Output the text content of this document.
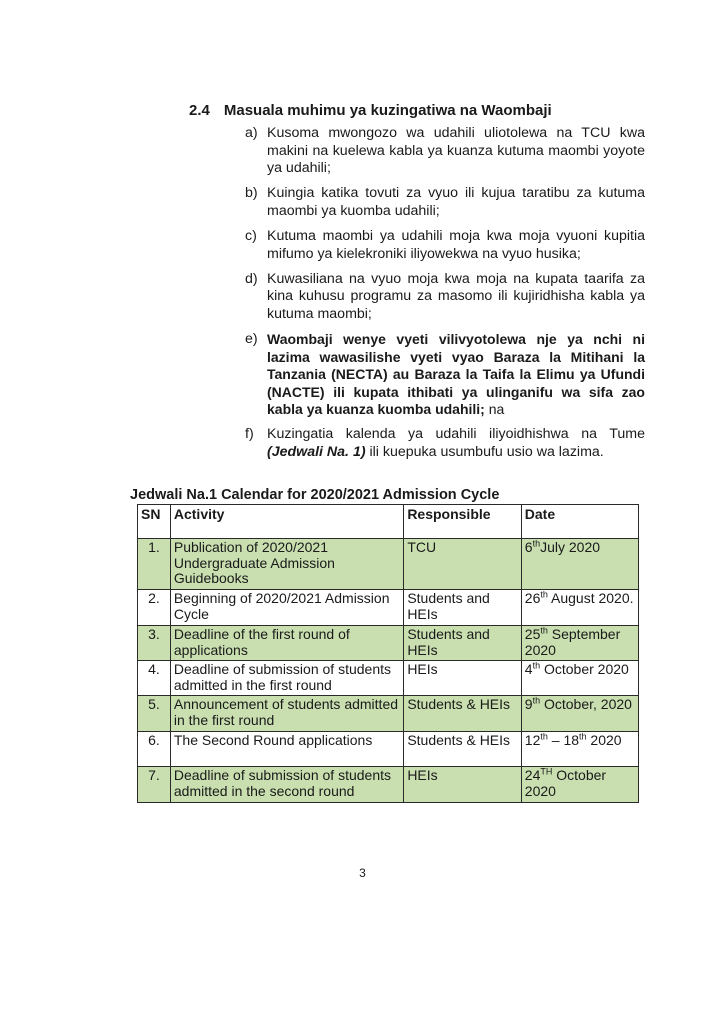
2.4 Masuala muhimu ya kuzingatiwa na Waombaji
a) Kusoma mwongozo wa udahili uliotolewa na TCU kwa makini na kuelewa kabla ya kuanza kutuma maombi yoyote ya udahili;
b) Kuingia katika tovuti za vyuo ili kujua taratibu za kutuma maombi ya kuomba udahili;
c) Kutuma maombi ya udahili moja kwa moja vyuoni kupitia mifumo ya kielekroniki iliyowekwa na vyuo husika;
d) Kuwasiliana na vyuo moja kwa moja na kupata taarifa za kina kuhusu programu za masomo ili kujiridhisha kabla ya kutuma maombi;
e) Waombaji wenye vyeti vilivyotolewa nje ya nchi ni lazima wawasilishe vyeti vyao Baraza la Mitihani la Tanzania (NECTA) au Baraza la Taifa la Elimu ya Ufundi (NACTE) ili kupata ithibati ya ulinganifu wa sifa zao kabla ya kuanza kuomba udahili; na
f) Kuzingatia kalenda ya udahili iliyoidhishwa na Tume (Jedwali Na. 1) ili kuepuka usumbufu usio wa lazima.
Jedwali Na.1 Calendar for 2020/2021 Admission Cycle
SN	Activity	Responsible	Date
1.	Publication of 2020/2021 Undergraduate Admission Guidebooks	TCU	6thJuly 2020
2.	Beginning of 2020/2021 Admission Cycle	Students and HEIs	26th August 2020.
3.	Deadline of the first round of applications	Students and HEIs	25th September 2020
4.	Deadline of submission of students admitted in the first round	HEIs	4th October 2020
5.	Announcement of students admitted in the first round	Students & HEIs	9th October, 2020
6.	The Second Round applications	Students & HEIs	12th – 18th 2020
7.	Deadline of submission of students admitted in the second round	HEIs	24TH October 2020
3
